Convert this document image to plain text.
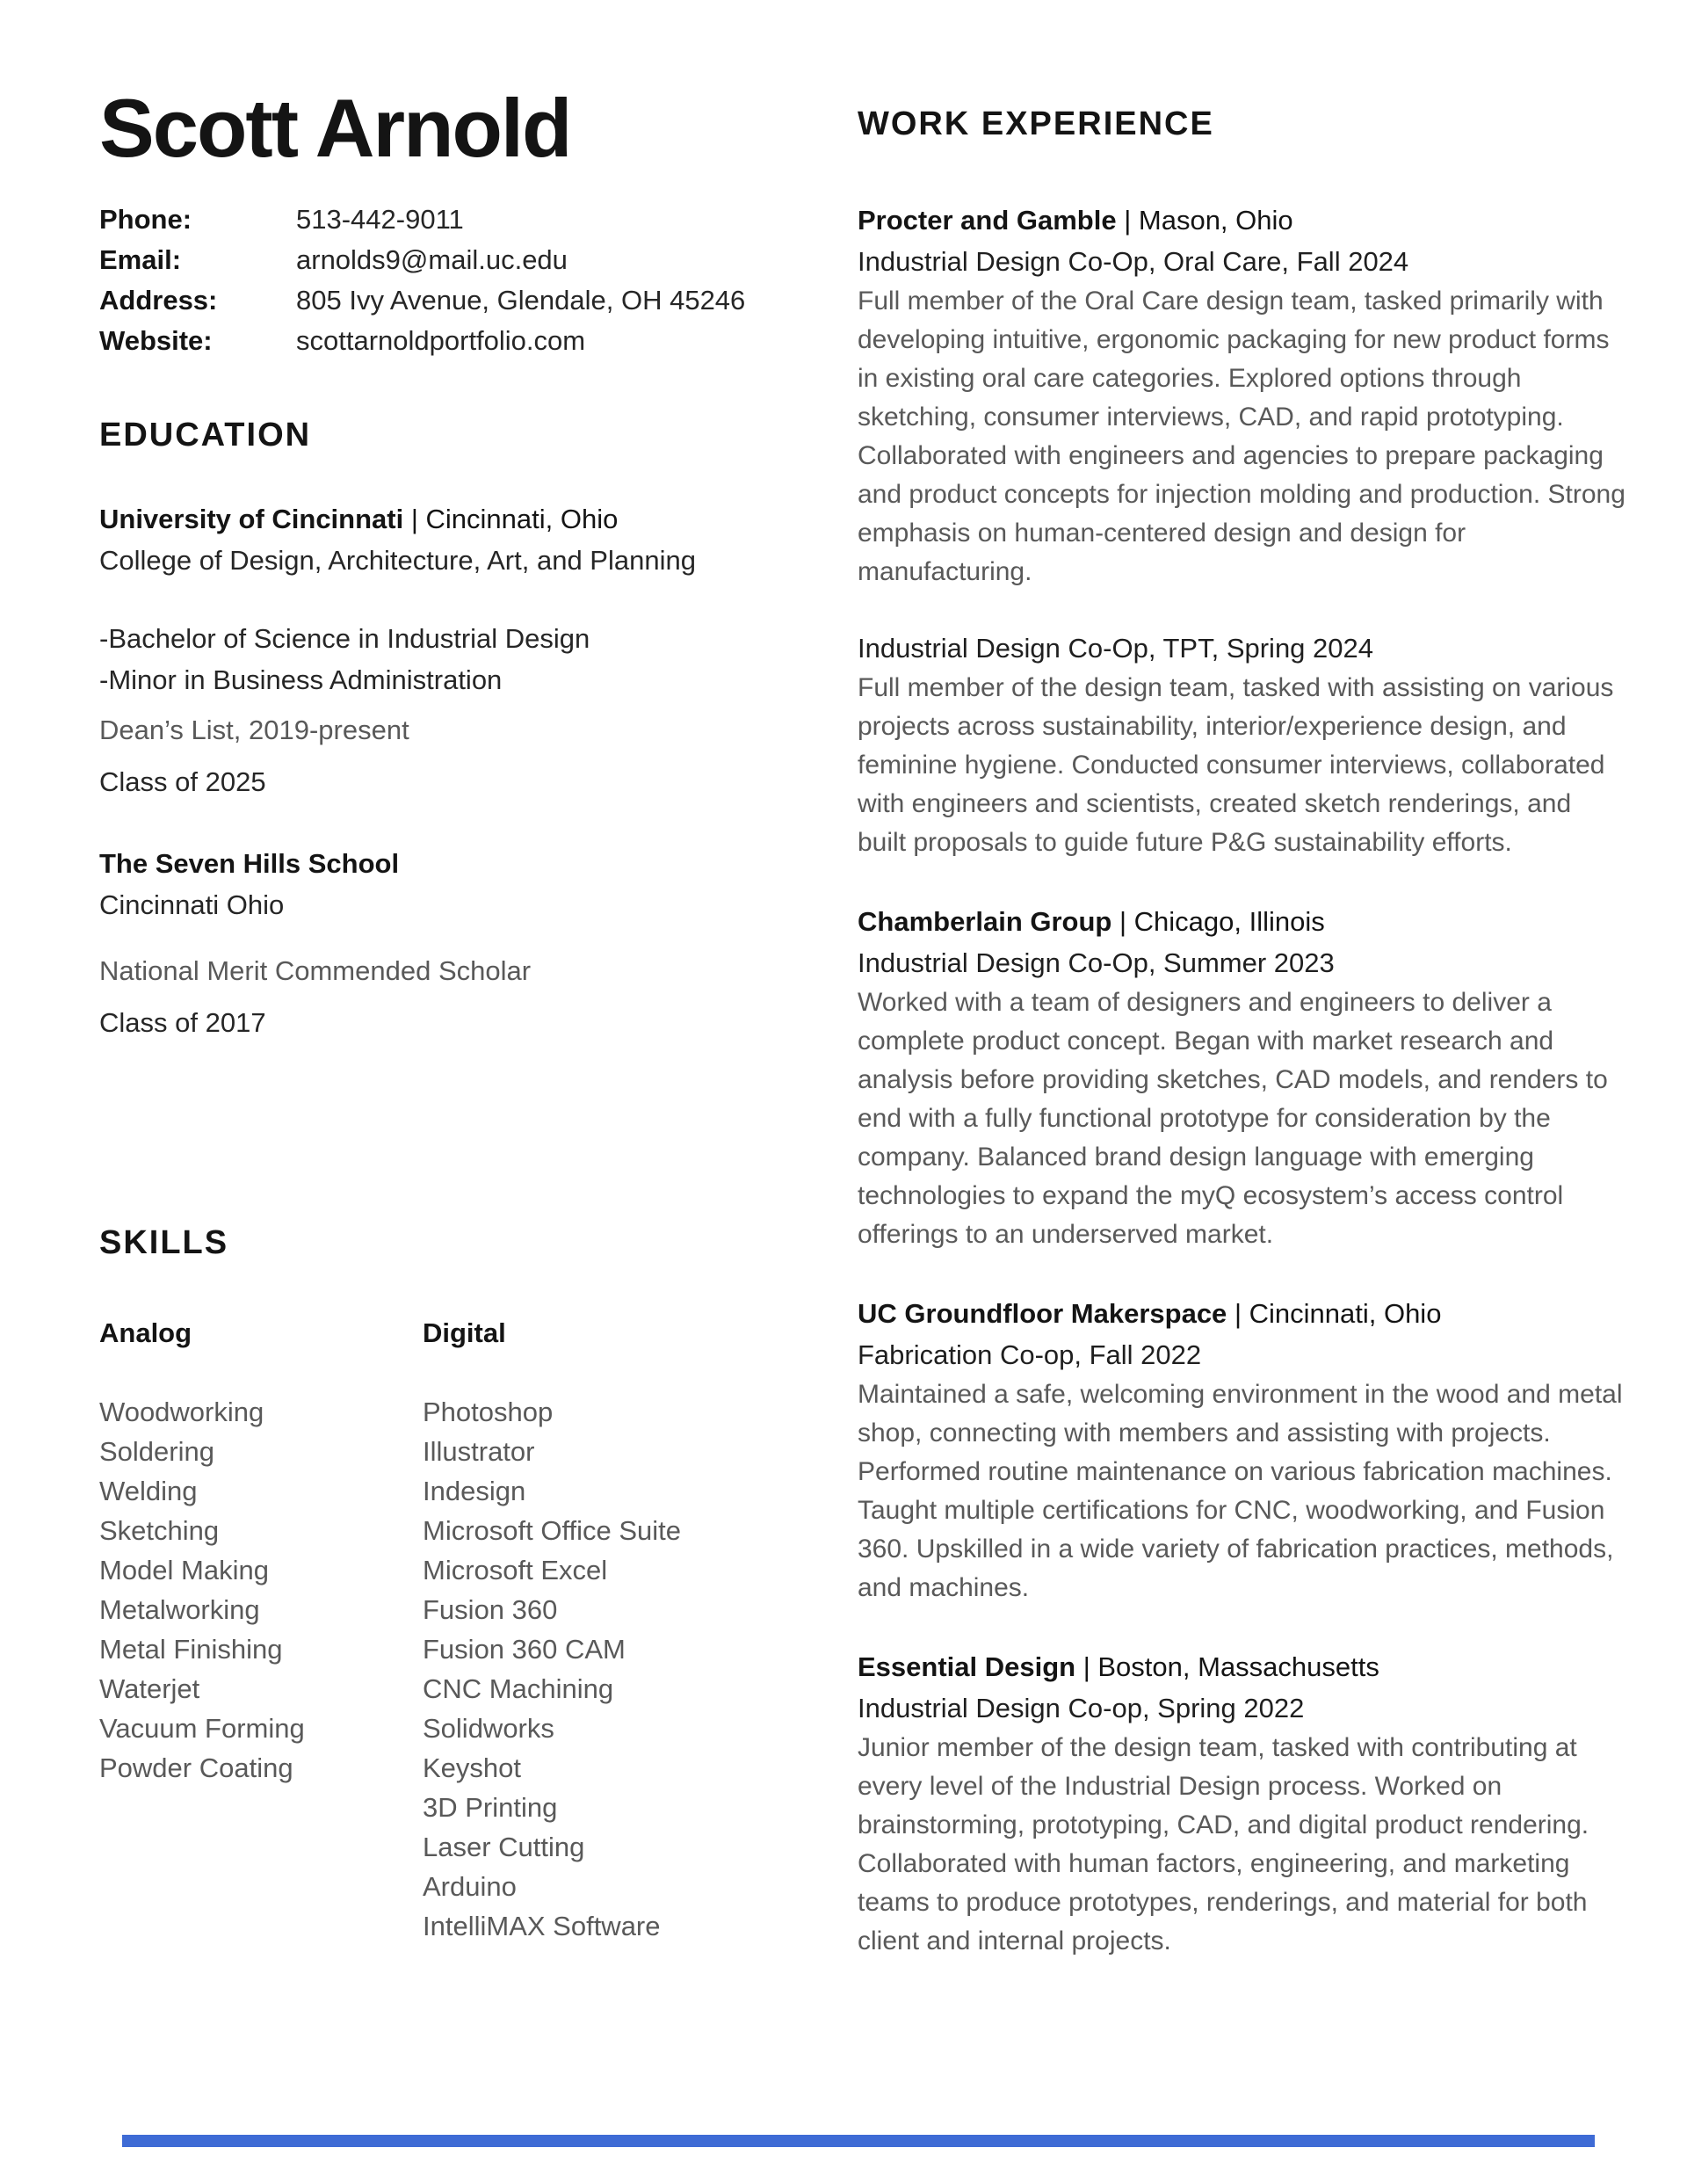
Scott Arnold
Phone:	513-442-9011
Email:	arnolds9@mail.uc.edu
Address:	805 Ivy Avenue, Glendale, OH 45246
Website:	scottarnoldportfolio.com
EDUCATION
University of Cincinnati | Cincinnati, Ohio
College of Design, Architecture, Art, and Planning
-Bachelor of Science in Industrial Design
-Minor in Business Administration
Dean’s List, 2019-present
Class of 2025
The Seven Hills School
Cincinnati Ohio
National Merit Commended Scholar
Class of 2017
SKILLS
Analog
Woodworking
Soldering
Welding
Sketching
Model Making
Metalworking
Metal Finishing
Waterjet
Vacuum Forming
Powder Coating
Digital
Photoshop
Illustrator
Indesign
Microsoft Office Suite
Microsoft Excel
Fusion 360
Fusion 360 CAM
CNC Machining
Solidworks
Keyshot
3D Printing
Laser Cutting
Arduino
IntelliMAX Software
WORK EXPERIENCE
Procter and Gamble | Mason, Ohio
Industrial Design Co-Op, Oral Care, Fall 2024

Full member of the Oral Care design team, tasked primarily with developing intuitive, ergonomic packaging for new product forms in existing oral care categories. Explored options through sketching, consumer interviews, CAD, and rapid prototyping. Collaborated with engineers and agencies to prepare packaging and product concepts for injection molding and production. Strong emphasis on human-centered design and design for manufacturing.

Industrial Design Co-Op, TPT, Spring 2024

Full member of the design team, tasked with assisting on various projects across sustainability, interior/experience design, and feminine hygiene. Conducted consumer interviews, collaborated with engineers and scientists, created sketch renderings, and built proposals to guide future P&G sustainability efforts.

Chamberlain Group | Chicago, Illinois
Industrial Design Co-Op, Summer 2023

Worked with a team of designers and engineers to deliver a complete product concept. Began with market research and analysis before providing sketches, CAD models, and renders to end with a fully functional prototype for consideration by the company. Balanced brand design language with emerging technologies to expand the myQ ecosystem’s access control offerings to an underserved market.

UC Groundfloor Makerspace | Cincinnati, Ohio
Fabrication Co-op, Fall 2022

Maintained a safe, welcoming environment in the wood and metal shop, connecting with members and assisting with projects. Performed routine maintenance on various fabrication machines. Taught multiple certifications for CNC, woodworking, and Fusion 360. Upskilled in a wide variety of fabrication practices, methods, and machines.

Essential Design | Boston, Massachusetts
Industrial Design Co-op, Spring 2022

Junior member of the design team, tasked with contributing at every level of the Industrial Design process. Worked on brainstorming, prototyping, CAD, and digital product rendering. Collaborated with human factors, engineering, and marketing teams to produce prototypes, renderings, and material for both client and internal projects.
